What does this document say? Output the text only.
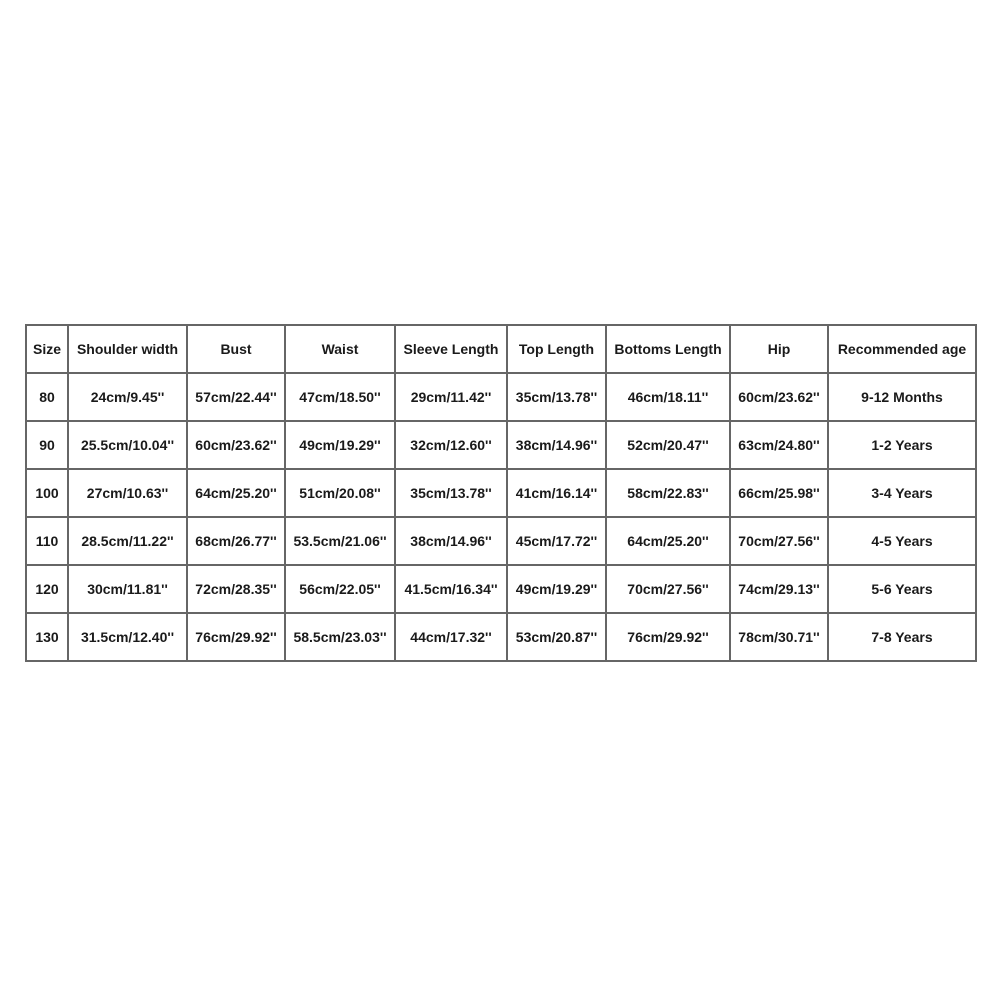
Size	Shoulder width	Bust	Waist	Sleeve Length	Top Length	Bottoms Length	Hip	Recommended age
80	24cm/9.45''	57cm/22.44''	47cm/18.50''	29cm/11.42''	35cm/13.78''	46cm/18.11''	60cm/23.62''	9-12 Months
90	25.5cm/10.04''	60cm/23.62''	49cm/19.29''	32cm/12.60''	38cm/14.96''	52cm/20.47''	63cm/24.80''	1-2 Years
100	27cm/10.63''	64cm/25.20''	51cm/20.08''	35cm/13.78''	41cm/16.14''	58cm/22.83''	66cm/25.98''	3-4 Years
110	28.5cm/11.22''	68cm/26.77''	53.5cm/21.06''	38cm/14.96''	45cm/17.72''	64cm/25.20''	70cm/27.56''	4-5 Years
120	30cm/11.81''	72cm/28.35''	56cm/22.05''	41.5cm/16.34''	49cm/19.29''	70cm/27.56''	74cm/29.13''	5-6 Years
130	31.5cm/12.40''	76cm/29.92''	58.5cm/23.03''	44cm/17.32''	53cm/20.87''	76cm/29.92''	78cm/30.71''	7-8 Years
